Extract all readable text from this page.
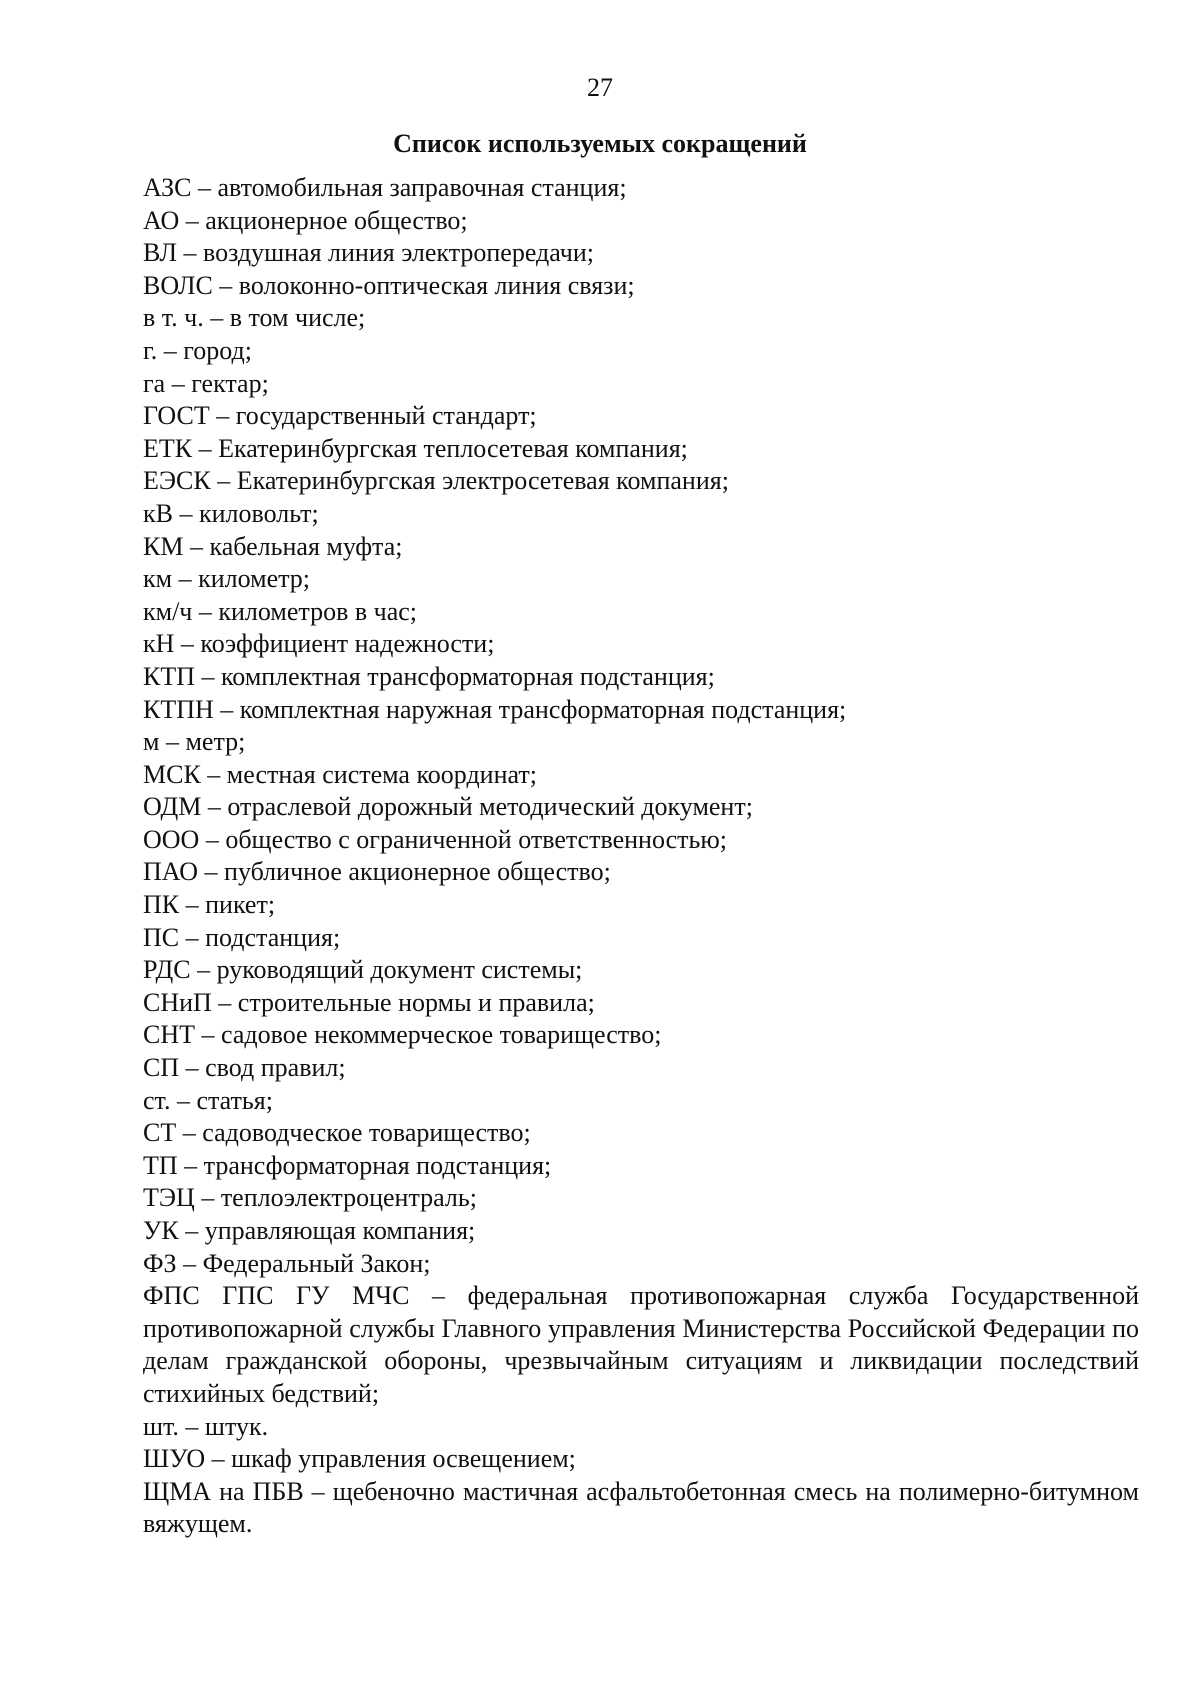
27
Список используемых сокращений
АЗС – автомобильная заправочная станция;
АО – акционерное общество;
ВЛ – воздушная линия электропередачи;
ВОЛС – волоконно-оптическая линия связи;
в т. ч. – в том числе;
г. – город;
га – гектар;
ГОСТ – государственный стандарт;
ЕТК – Екатеринбургская теплосетевая компания;
ЕЭСК – Екатеринбургская электросетевая компания;
кВ – киловольт;
КМ – кабельная муфта;
км – километр;
км/ч – километров в час;
кН – коэффициент надежности;
КТП – комплектная трансформаторная подстанция;
КТПН – комплектная наружная трансформаторная подстанция;
м – метр;
МСК – местная система координат;
ОДМ – отраслевой дорожный методический документ;
ООО – общество с ограниченной ответственностью;
ПАО – публичное акционерное общество;
ПК – пикет;
ПС – подстанция;
РДС – руководящий документ системы;
СНиП – строительные нормы и правила;
СНТ – садовое некоммерческое товарищество;
СП – свод правил;
ст. – статья;
СТ – садоводческое товарищество;
ТП – трансформаторная подстанция;
ТЭЦ – теплоэлектроцентраль;
УК – управляющая компания;
ФЗ – Федеральный Закон;
ФПС ГПС ГУ МЧС – федеральная противопожарная служба Государственной противопожарной службы Главного управления Министерства Российской Федерации по делам гражданской обороны, чрезвычайным ситуациям и ликвидации последствий стихийных бедствий;
шт. – штук.
ШУО – шкаф управления освещением;
ЩМА на ПБВ – щебеночно мастичная асфальтобетонная смесь на полимерно-битумном вяжущем.
